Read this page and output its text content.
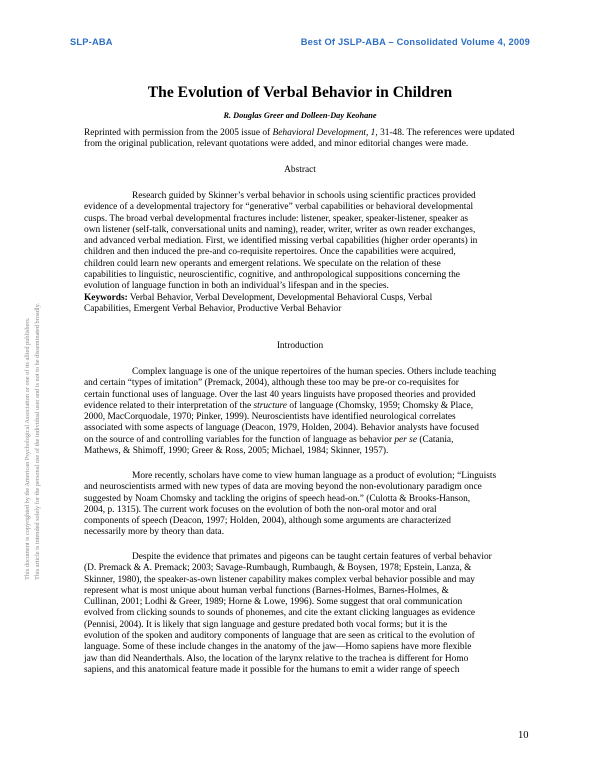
SLP-ABA	Best Of JSLP-ABA – Consolidated Volume 4, 2009
The Evolution of Verbal Behavior in Children
R. Douglas Greer and Dolleen-Day Keohane

Reprinted with permission from the 2005 issue of Behavioral Development, 1, 31-48. The references were updated
from the original publication, relevant quotations were added, and minor editorial changes were made.

Abstract

Research guided by Skinner’s verbal behavior in schools using scientific practices provided
evidence of a developmental trajectory for “generative” verbal capabilities or behavioral developmental
cusps. The broad verbal developmental fractures include: listener, speaker, speaker-listener, speaker as
own listener (self-talk, conversational units and naming), reader, writer, writer as own reader exchanges,
and advanced verbal mediation. First, we identified missing verbal capabilities (higher order operants) in
children and then induced the pre-and co-requisite repertoires. Once the capabilities were acquired,
children could learn new operants and emergent relations. We speculate on the relation of these
capabilities to linguistic, neuroscientific, cognitive, and anthropological suppositions concerning the
evolution of language function in both an individual’s lifespan and in the species.
Keywords: Verbal Behavior, Verbal Development, Developmental Behavioral Cusps, Verbal
Capabilities, Emergent Verbal Behavior, Productive Verbal Behavior

Introduction

Complex language is one of the unique repertoires of the human species. Others include teaching
and certain “types of imitation” (Premack, 2004), although these too may be pre-or co-requisites for
certain functional uses of language. Over the last 40 years linguists have proposed theories and provided
evidence related to their interpretation of the structure of language (Chomsky, 1959; Chomsky & Place,
2000, MacCorquodale, 1970; Pinker, 1999). Neuroscientists have identified neurological correlates
associated with some aspects of language (Deacon, 1979, Holden, 2004). Behavior analysts have focused
on the source of and controlling variables for the function of language as behavior per se (Catania,
Mathews, & Shimoff, 1990; Greer & Ross, 2005; Michael, 1984; Skinner, 1957).

More recently, scholars have come to view human language as a product of evolution; “Linguists
and neuroscientists armed with new types of data are moving beyond the non-evolutionary paradigm once
suggested by Noam Chomsky and tackling the origins of speech head-on.” (Culotta & Brooks-Hanson,
2004, p. 1315). The current work focuses on the evolution of both the non-oral motor and oral
components of speech (Deacon, 1997; Holden, 2004), although some arguments are characterized
necessarily more by theory than data.

Despite the evidence that primates and pigeons can be taught certain features of verbal behavior
(D. Premack & A. Premack; 2003; Savage-Rumbaugh, Rumbaugh, & Boysen, 1978; Epstein, Lanza, &
Skinner, 1980), the speaker-as-own listener capability makes complex verbal behavior possible and may
represent what is most unique about human verbal functions (Barnes-Holmes, Barnes-Holmes, &
Cullinan, 2001; Lodhi & Greer, 1989; Horne & Lowe, 1996). Some suggest that oral communication
evolved from clicking sounds to sounds of phonemes, and cite the extant clicking languages as evidence
(Pennisi, 2004). It is likely that sign language and gesture predated both vocal forms; but it is the
evolution of the spoken and auditory components of language that are seen as critical to the evolution of
language. Some of these include changes in the anatomy of the jaw—Homo sapiens have more flexible
jaw than did Neanderthals. Also, the location of the larynx relative to the trachea is different for Homo
sapiens, and this anatomical feature made it possible for the humans to emit a wider range of speech

This document is copyrighted by the American Psychological Association or one of its allied publishers. This article is intended solely for the personal use of the individual user and is not to be disseminated broadly.
10
